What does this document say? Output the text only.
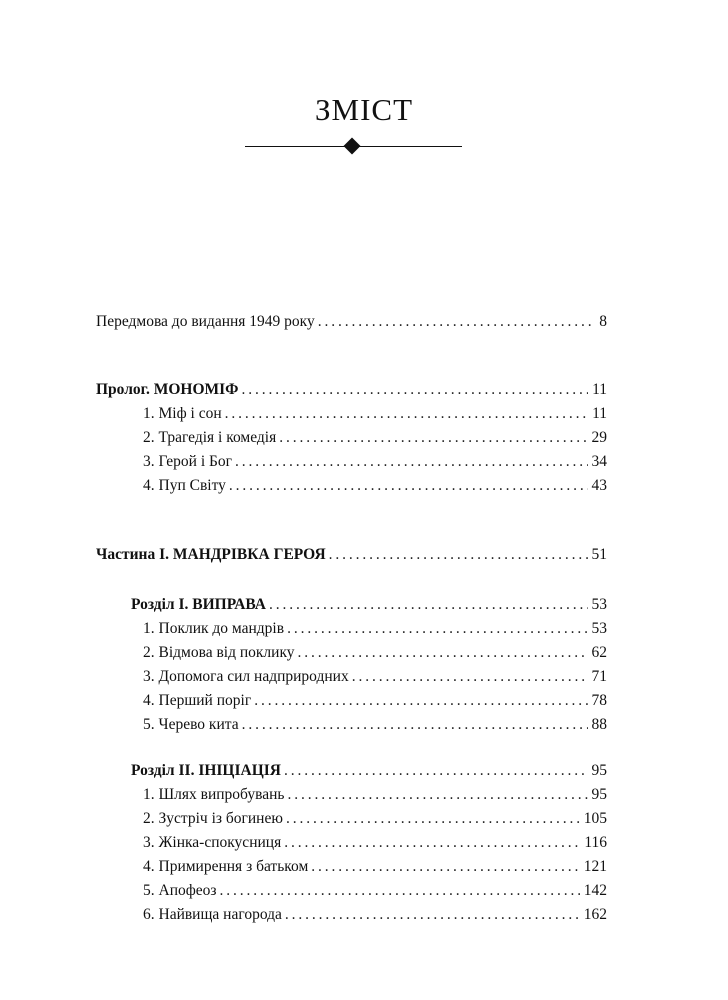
ЗМІСТ
Передмова до видання 1949 року . . .	8
Пролог. МОНОМІФ . . .	11
1. Міф і сон . . .	11
2. Трагедія і комедія . . .	29
3. Герой і Бог . . .	34
4. Пуп Світу . . .	43
Частина І. МАНДРІВКА ГЕРОЯ . . .	51
Розділ І. ВИПРАВА . . .	53
1. Поклик до мандрів . . .	53
2. Відмова від поклику . . .	62
3. Допомога сил надприродних . . .	71
4. Перший поріг . . .	78
5. Черево кита . . .	88
Розділ ІІ. ІНІЦІАЦІЯ . . .	95
1. Шлях випробувань . . .	95
2. Зустріч із богинею . . .	105
3. Жінка-спокусниця . . .	116
4. Примирення з батьком . . .	121
5. Апофеоз . . .	142
6. Найвища нагорода . . .	162
